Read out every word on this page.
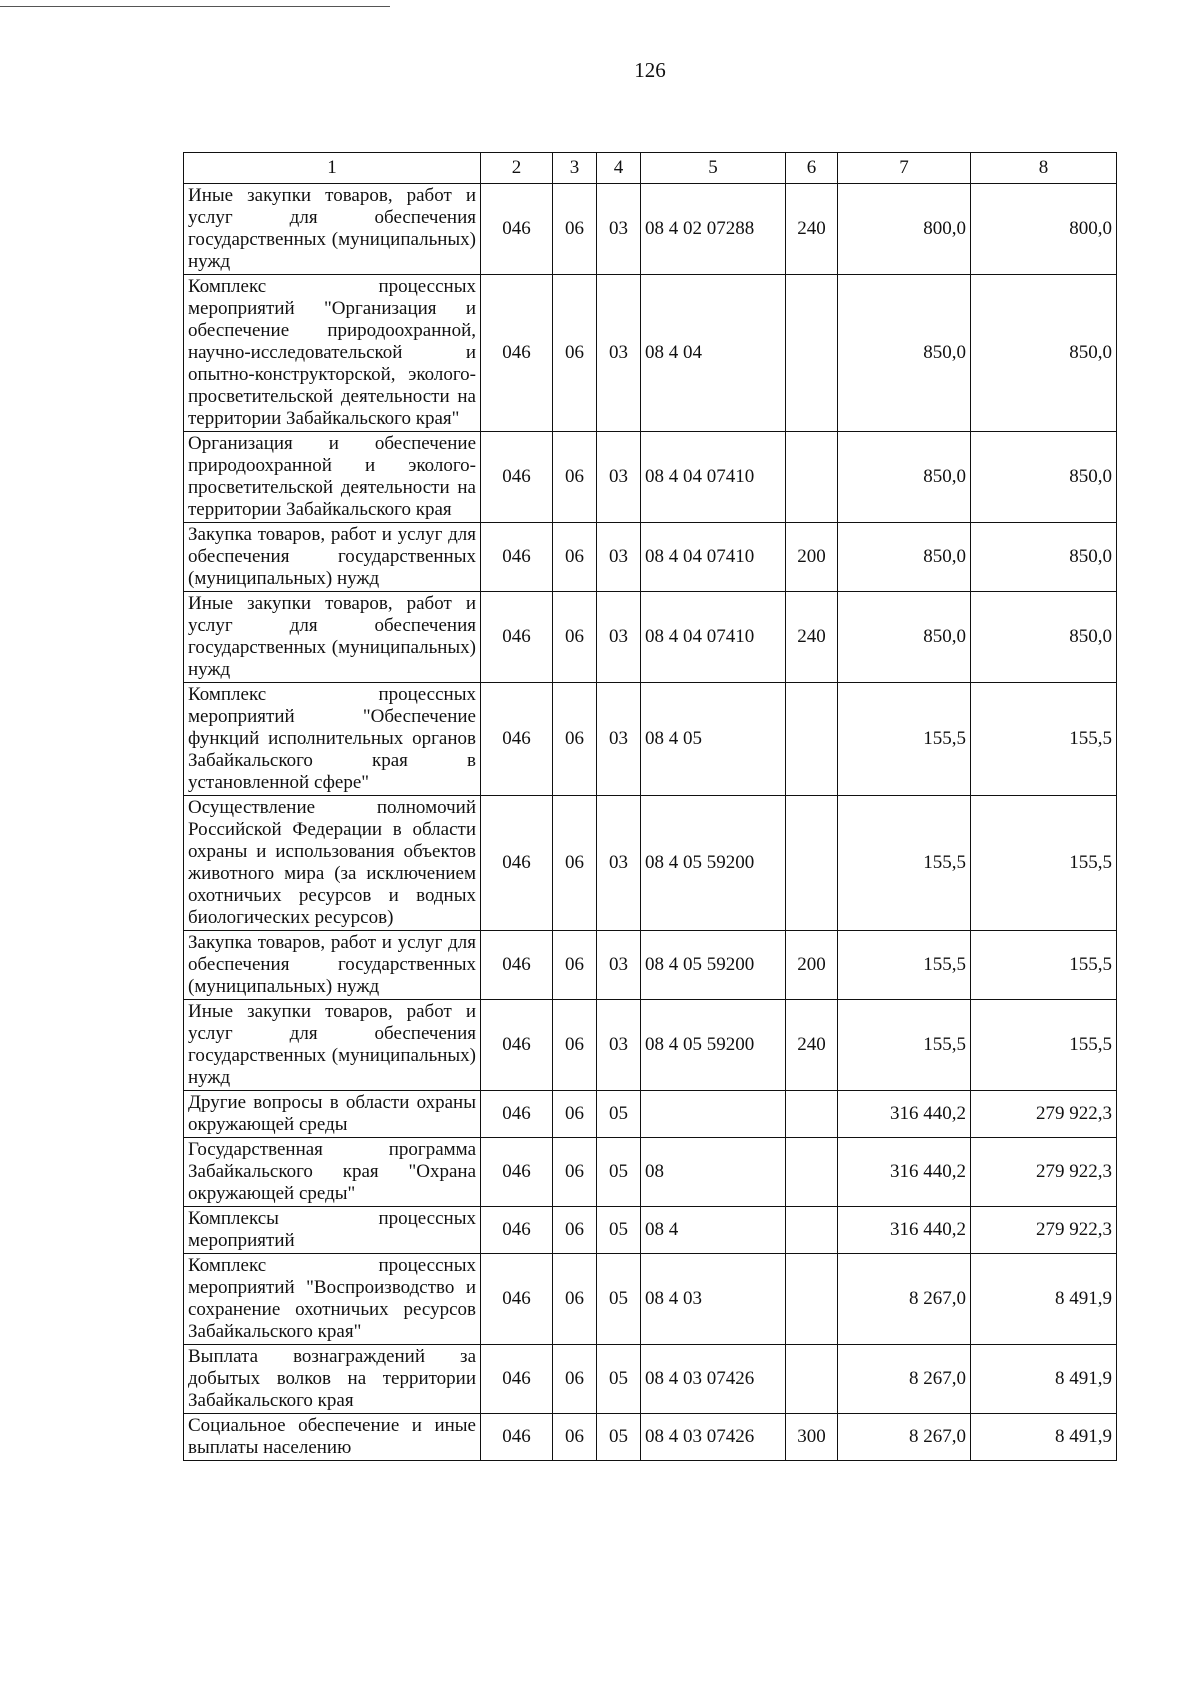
126
1	2	3	4	5	6	7	8
Иные закупки товаров, работ и услуг для обеспечения государственных (муниципальных) нужд	046	06	03	08 4 02 07288	240	800,0	800,0
Комплекс процессных мероприятий "Организация и обеспечение природоохранной, научно-исследовательской и опытно-конструкторской, эколого-просветительской деятельности на территории Забайкальского края"	046	06	03	08 4 04		850,0	850,0
Организация и обеспечение природоохранной и эколого-просветительской деятельности на территории Забайкальского края	046	06	03	08 4 04 07410		850,0	850,0
Закупка товаров, работ и услуг для обеспечения государственных (муниципальных) нужд	046	06	03	08 4 04 07410	200	850,0	850,0
Иные закупки товаров, работ и услуг для обеспечения государственных (муниципальных) нужд	046	06	03	08 4 04 07410	240	850,0	850,0
Комплекс процессных мероприятий "Обеспечение функций исполнительных органов Забайкальского края в установленной сфере"	046	06	03	08 4 05		155,5	155,5
Осуществление полномочий Российской Федерации в области охраны и использования объектов животного мира (за исключением охотничьих ресурсов и водных биологических ресурсов)	046	06	03	08 4 05 59200		155,5	155,5
Закупка товаров, работ и услуг для обеспечения государственных (муниципальных) нужд	046	06	03	08 4 05 59200	200	155,5	155,5
Иные закупки товаров, работ и услуг для обеспечения государственных (муниципальных) нужд	046	06	03	08 4 05 59200	240	155,5	155,5
Другие вопросы в области охраны окружающей среды	046	06	05			316 440,2	279 922,3
Государственная программа Забайкальского края "Охрана окружающей среды"	046	06	05	08		316 440,2	279 922,3
Комплексы процессных мероприятий	046	06	05	08 4		316 440,2	279 922,3
Комплекс процессных мероприятий "Воспроизводство и сохранение охотничьих ресурсов Забайкальского края"	046	06	05	08 4 03		8 267,0	8 491,9
Выплата вознаграждений за добытых волков на территории Забайкальского края	046	06	05	08 4 03 07426		8 267,0	8 491,9
Социальное обеспечение и иные выплаты населению	046	06	05	08 4 03 07426	300	8 267,0	8 491,9
